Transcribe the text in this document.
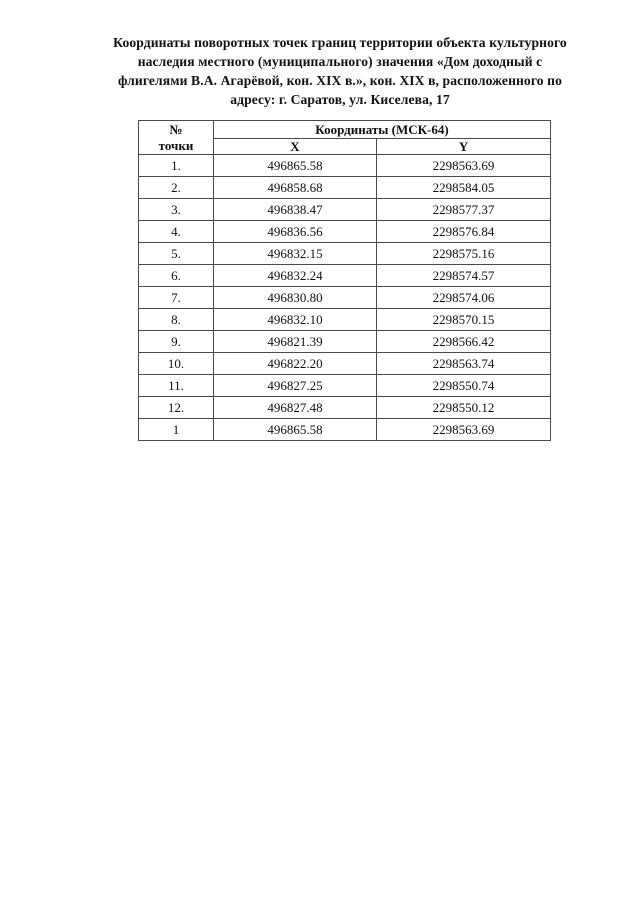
Координаты поворотных точек границ территории объекта культурного
наследия местного (муниципального) значения «Дом доходный с
флигелями В.А. Агарёвой, кон. XIX в.», кон. XIX в, расположенного по
адресу: г. Саратов, ул. Киселева, 17
№
точки	Координаты (МСК-64)	
	X	Y
1.	496865.58	2298563.69
2.	496858.68	2298584.05
3.	496838.47	2298577.37
4.	496836.56	2298576.84
5.	496832.15	2298575.16
6.	496832.24	2298574.57
7.	496830.80	2298574.06
8.	496832.10	2298570.15
9.	496821.39	2298566.42
10.	496822.20	2298563.74
11.	496827.25	2298550.74
12.	496827.48	2298550.12
1	496865.58	2298563.69
